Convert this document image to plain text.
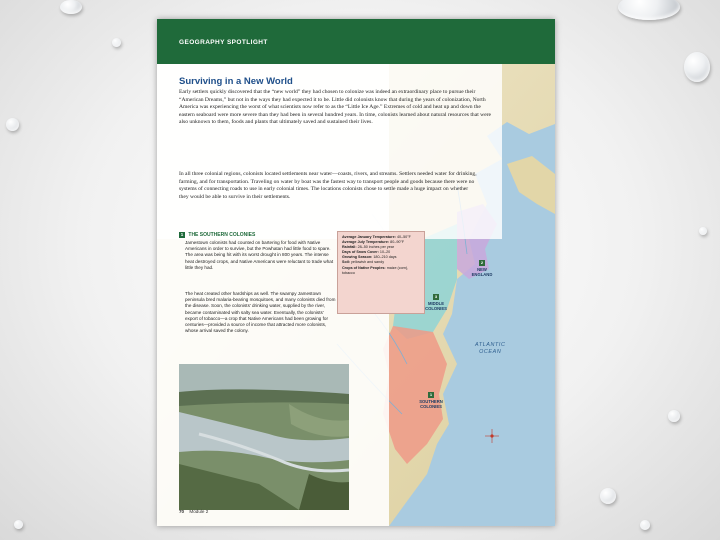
GEOGRAPHY SPOTLIGHT
Surviving in a New World
Early settlers quickly discovered that the “new world” they had chosen to colonize was indeed an extraordinary place to pursue their “American Dreams,” but not in the ways they had expected it to be. Little did colonists know that during the years of colonization, North America was experiencing the worst of what scientists now refer to as the “Little Ice Age.” Extremes of cold and heat up and down the eastern seaboard were more severe than they had been in several hundred years. In time, colonists learned about natural resources that were also unknown to them, foods and plants that ultimately saved and sustained their lives.
In all three colonial regions, colonists located settlements near water—coasts, rivers, and streams. Settlers needed water for drinking, farming, and for transportation. Traveling on water by boat was the fastest way to transport people and goods because there were no systems of connecting roads to use in early colonial times. The locations colonists chose to settle made a huge impact on whether they would be able to survive in their settlements.
1 THE SOUTHERN COLONIES
Jamestown colonists had counted on bartering for food with Native Americans in order to survive, but the Powhatan had little food to spare. The area was being hit with its worst drought in 800 years. The intense heat destroyed crops, and Native Americans were reluctant to trade what little they had.
The heat created other hardships as well. The swampy Jamestown peninsula bred malaria-bearing mosquitoes, and many colonists died from the disease. Soon, the colonists’ drinking water, supplied by the river, became contaminated with salty sea water. Eventually, the colonists’ export of tobacco—a crop that Native Americans had been growing for centuries—provided a source of income that attracted more colonists, whose arrival saved the colony.
Average January Temperature: 40–50°F
Average July Temperature: 80–90°F
Rainfall: 28–50 inches per year
Days of Snow Cover: 10–20
Growing Season: 180–210 days
Soil: yellowish and sandy
Crops of Native Peoples: maize (corn), tobacco
2
NEW ENGLAND
3
MIDDLE COLONIES
1
SOUTHERN COLONIES
ATLANTIC
OCEAN
70 Module 2
